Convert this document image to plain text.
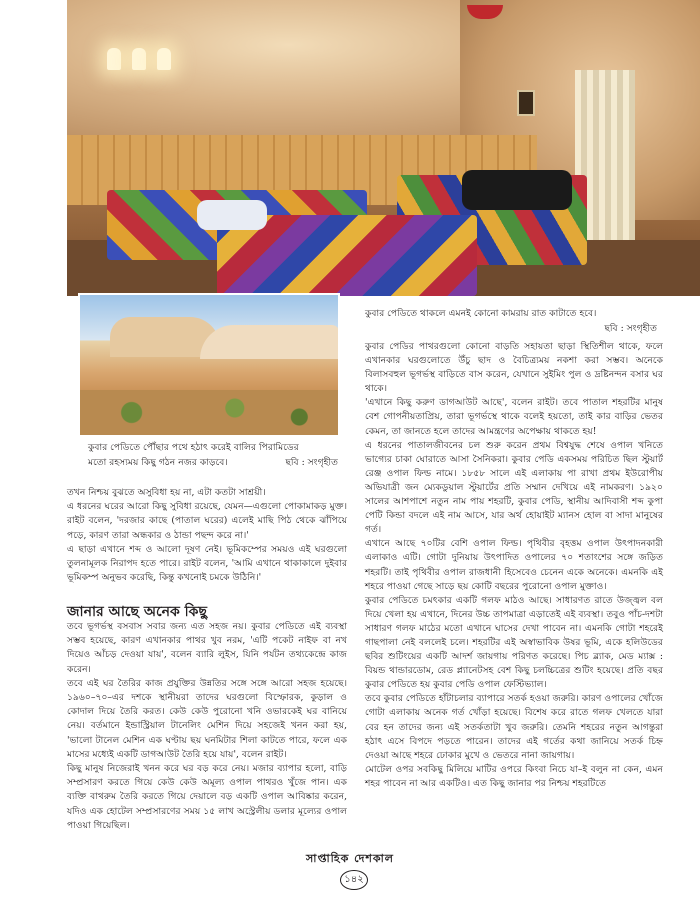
কুবার পেডিতে থাকলে এমনই কোনো কামরায় রাত কাটাতে হবে।
ছবি : সংগৃহীত
কুবার পেডিতে পৌঁছার পথে হঠাৎ করেই বালির পিরামিডের
মতো রহস্যময় কিছু গঠন নজর কাড়বে।	ছবি : সংগৃহীত

তখন নিশ্চয় বুঝতে অসুবিধা হয় না, এটা কতটা সাশ্রয়ী।

এ ধরনের ঘরের আরো কিছু সুবিধা রয়েছে, যেমন—এগুলো পোকামাকড় মুক্ত। রাইট বলেন, 'দরজার কাছে (পাতাল ঘরের) এলেই মাছি পিঠ থেকে ঝাঁপিয়ে পড়ে, কারণ তারা অন্ধকার ও ঠান্ডা পছন্দ করে না।'

এ ছাড়া এখানে শব্দ ও আলো দূষণ নেই। ভূমিকম্পের সময়ও এই ঘরগুলো তুলনামূলক নিরাপদ হতে পারে। রাইট বলেন, 'আমি এখানে থাকাকালে দুইবার ভূমিকম্প অনুভব করেছি, কিন্তু কখনোই চমকে উঠিনি।'

জানার আছে অনেক কিছু

তবে ভূগর্ভস্থ বসবাস সবার জন্য এত সহজ নয়। কুবার পেডিতে এই ব্যবস্থা সম্ভব হয়েছে, কারণ এখানকার পাথর খুব নরম, 'এটি পকেট নাইফ বা নখ দিয়েও আঁচড় দেওয়া যায়', বলেন ব্যারি লুইস, যিনি পর্যটন তথ্যকেন্দ্রে কাজ করেন।

তবে এই ঘর তৈরির কাজ প্রযুক্তির উন্নতির সঙ্গে সঙ্গে আরো সহজ হয়েছে। ১৯৬০–৭০–এর দশকে স্থানীয়রা তাদের ঘরগুলো বিস্ফোরক, কুড়াল ও কোদাল দিয়ে তৈরি করত। কেউ কেউ পুরোনো খনি ওভারকেই ঘর বানিয়ে নেয়। বর্তমানে ইন্ডাস্ট্রিয়াল টানেলিং মেশিন দিয়ে সহজেই খনন করা হয়, 'ভালো টানেল মেশিন এক ঘণ্টায় ছয় ঘনমিটার শিলা কাটতে পারে, ফলে এক মাসের মধ্যেই একটি ডাগআউট তৈরি হয়ে যায়', বলেন রাইট।

কিছু মানুষ নিজেরাই খনন করে ঘর বড় করে নেয়। মজার ব্যাপার হলো, বাড়ি সম্প্রসারণ করতে গিয়ে কেউ কেউ অমূল্য ওপাল পাথরও খুঁজে পান। এক ব্যক্তি বাথরুম তৈরি করতে গিয়ে দেয়ালে বড় একটি ওপাল আবিষ্কার করেন, যদিও এক হোটেল সম্প্রসারণের সময় ১৫ লাখ অস্ট্রেলীয় ডলার মূল্যের ওপাল পাওয়া গিয়েছিল।

কুবার পেডির পাথরগুলো কোনো বাড়তি সহায়তা ছাড়া স্থিতিশীল থাকে, ফলে এখানকার ঘরগুলোতে উঁচু ছাদ ও বৈচিত্র্যময় নকশা করা সম্ভব। অনেকে বিলাসবহুল ভূগর্ভস্থ বাড়িতে বাস করেন, যেখানে সুইমিং পুল ও দ্রষ্টিনন্দন বসার ঘর থাকে।

'এখানে কিছু করুণ ডাগআউট আছে', বলেন রাইট। তবে পাতাল শহরটির মানুষ বেশ গোপনীয়তাপ্রিয়, তারা ভূগর্ভস্থে থাকে বলেই হয়তো, তাই কার বাড়ির ভেতর কেমন, তা জানতে হলে তাদের আমন্ত্রণের অপেক্ষায় থাকতে হয়!

এ ধরনের পাতালজীবনের চল শুরু করেন প্রথম বিশ্বযুদ্ধ শেষে ওপাল খনিতে ভাগ্যের চাকা ঘোরাতে আসা সৈনিকরা। কুবার পেডি একসময় পরিচিত ছিল স্টুয়ার্ট রেঞ্জ ওপাল ফিল্ড নামে। ১৮৫৮ সালে এই এলাকায় পা রাখা প্রথম ইউরোপীয় অভিযাত্রী জন ম্যেকডুয়াল স্টুয়ার্টের প্রতি সম্মান দেখিয়ে এই নামকরণ। ১৯২০ সালের আশপাশে নতুন নাম পায় শহরটি, কুবার পেডি, স্থানীয় আদিবাসী শব্দ কুপা পেটি কিন্ডা বদলে এই নাম আসে, যার অর্থ হোয়াইট ম্যানস হোল বা সাদা মানুষের গর্ত।

এখানে আছে ৭০টির বেশি ওপাল ফিল্ড। পৃথিবীর বৃহত্তম ওপাল উৎপাদনকারী এলাকাও এটি। গোটা দুনিয়ায় উৎপাদিত ওপালের ৭০ শতাংশের সঙ্গে জড়িত শহরটি। তাই পৃথিবীর ওপাল রাজধানী হিসেবেও চেনেন একে অনেকে। এমনকি এই শহরে পাওয়া গেছে সাড়ে ছয় কোটি বছরের পুরোনো ওপাল মুক্তাও।

কুবার পেডিতে চমৎকার একটি গলফ মাঠও আছে। সাধারণত রাতে উজ্জ্বল বল দিয়ে খেলা হয় এখানে, দিনের উচ্চ তাপমাত্রা এড়াতেই এই ব্যবস্থা। তবুও পাঁচ-দশটা সাধারণ গলফ মাঠের মতো এখানে ঘাসের দেখা পাবেন না। এমনকি গোটা শহরেই গাছপালা নেই বললেই চলে। শহরটির এই অস্বাভাবিক উষর ভূমি, একে হলিউডের ছবির শুটিংয়ের একটি আদর্শ জায়গায় পরিণত করেছে। পিচ ব্ল্যাক, মেড ম্যাক্স : বিয়ন্ড থান্ডারডোম, রেড প্ল্যানেটসহ বেশ কিছু চলচ্চিত্রের শুটিং হয়েছে। প্রতি বছর কুবার পেডিতে হয় কুবার পেডি ওপাল ফেস্টিভ্যাল।

তবে কুবার পেডিতে হাঁটাচলার ব্যাপারে সতর্ক হওয়া জরুরি। কারণ ওপালের খোঁজে গোটা এলাকায় অনেক গর্ত খোঁড়া হয়েছে। বিশেষ করে রাতে গলফ খেলতে যারা বের হন তাদের জন্য এই সতর্কতাটা খুব জরুরি। তেমনি শহরের নতুন আগন্তুরা হঠাৎ এসে বিপদে পড়তে পারেন। তাদের এই গর্তের কথা জানিয়ে সতর্ক চিহ্ন দেওয়া আছে শহরে ঢোকার মুখে ও ভেতরে নানা জায়গায়।

মোটেল ওপর সবকিছু মিলিয়ে মাটির ওপরে কিংবা নিচে যা–ই বলুন না কেন, এমন শহর পাবেন না আর একটিও। এত কিছু জানার পর নিশ্চয় শহরটিতে

সাপ্তাহিক দেশকাল
১৪২
